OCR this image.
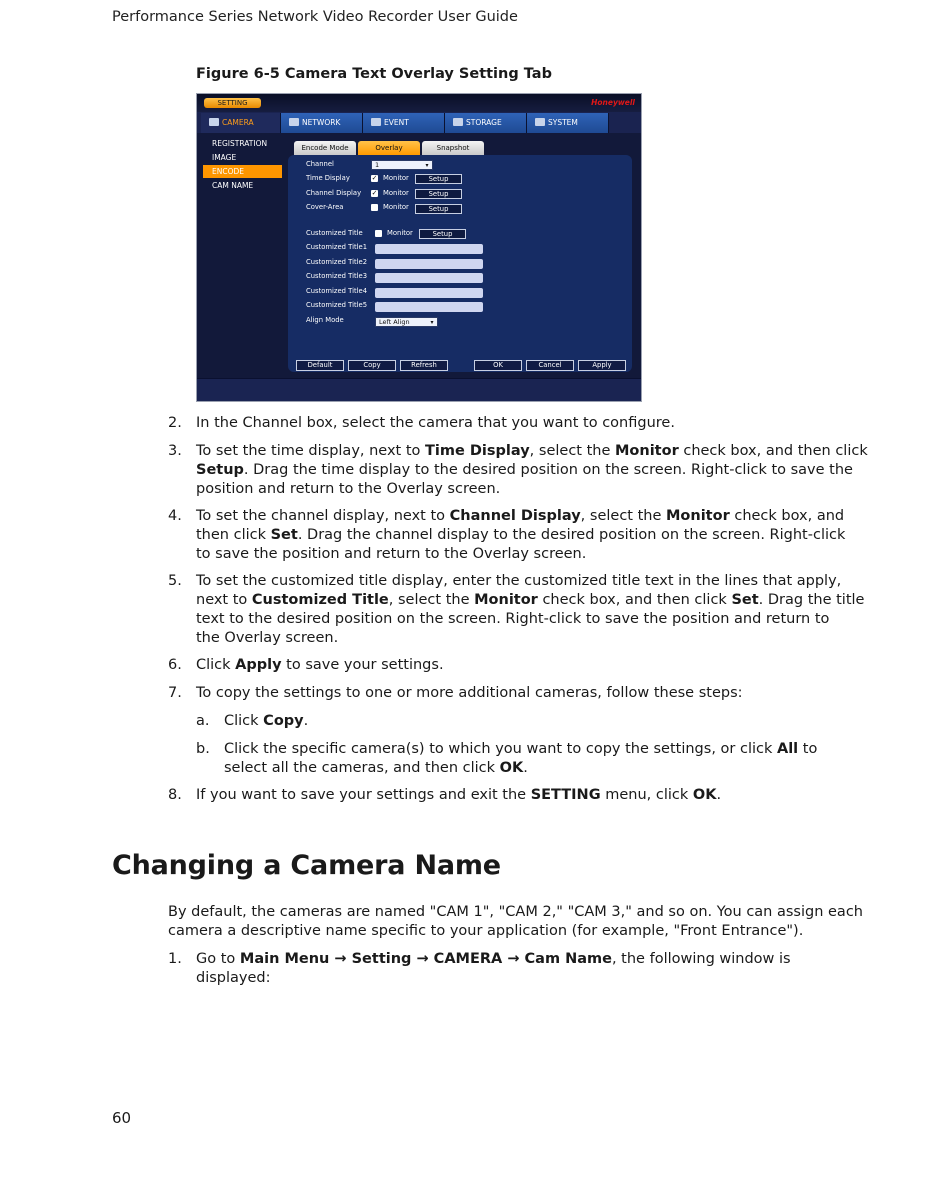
Performance Series Network Video Recorder User Guide
Figure 6-5 Camera Text Overlay Setting Tab
SETTING	Honeywell
CAMERA	NETWORK	EVENT	STORAGE	SYSTEM
REGISTRATION
IMAGE
ENCODE
CAM NAME
Encode Mode	Overlay	Snapshot
Channel	1	▾
Time Display	✓ Monitor	Setup
Channel Display ✓ Monitor	Setup
Cover-Area	Monitor	Setup
Customized Title	Monitor	Setup
Customized Title1
Customized Title2
Customized Title3
Customized Title4
Customized Title5
Align Mode	Left Align	▾
Default	Copy	Refresh	OK	Cancel	Apply
2. In the Channel box, select the camera that you want to configure.
3. To set the time display, next to Time Display, select the Monitor check box, and then click
Setup. Drag the time display to the desired position on the screen. Right-click to save the
position and return to the Overlay screen.
4. To set the channel display, next to Channel Display, select the Monitor check box, and
then click Set. Drag the channel display to the desired position on the screen. Right-click
to save the position and return to the Overlay screen.
5. To set the customized title display, enter the customized title text in the lines that apply,
next to Customized Title, select the Monitor check box, and then click Set. Drag the title
text to the desired position on the screen. Right-click to save the position and return to
the Overlay screen.
6. Click Apply to save your settings.
7. To copy the settings to one or more additional cameras, follow these steps:
a. Click Copy.
b. Click the specific camera(s) to which you want to copy the settings, or click All to
select all the cameras, and then click OK.
8. If you want to save your settings and exit the SETTING menu, click OK.
Changing a Camera Name
By default, the cameras are named "CAM 1", "CAM 2," "CAM 3," and so on. You can assign each
camera a descriptive name specific to your application (for example, "Front Entrance").
1. Go to Main Menu → Setting → CAMERA → Cam Name, the following window is
displayed:
60
